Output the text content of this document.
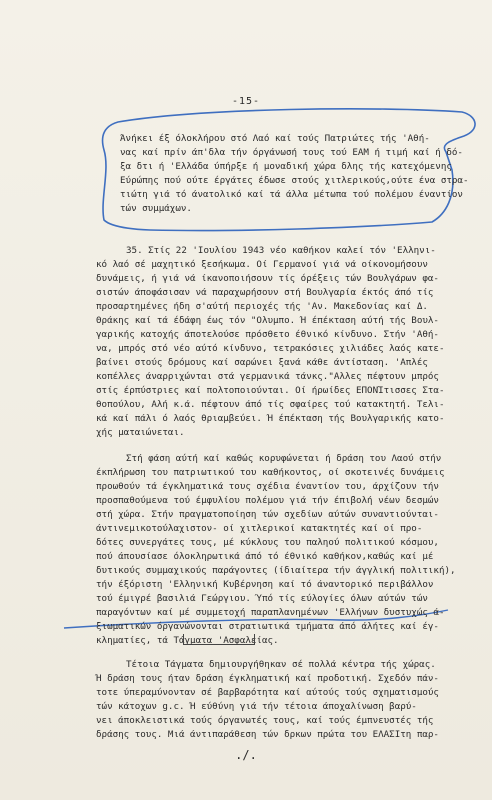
-15-
Άνήκει έξ όλοκλήρου στό Λαό καί τούς Πατριώτες τής 'Αθή-
νας καί πρίν άπ'δλα τήν όργάνωσή τους τού ΕΑΜ ή τιμή καί ή δό-
ξα δτι ή 'Ελλάδα ύπήρξε ή μοναδική χώρα δλης τής κατεχόμενης
Εύρώπης πού ούτε έργάτες έδωσε στούς χιτλερικούς,ούτε ένα στρα-
τιώτη γιά τό άνατολικό καί τά άλλα μέτωπα τού πολέμου έναντίον
τών συμμάχων.
35. Στίς 22 'Ιουλίου 1943 νέο καθήκον καλεί τόν 'Ελληνι-
κό λαό σέ μαχητικό ξεσήκωμα. Οί Γερμανοί γιά νά οίκονομήσουν
δυνάμεις, ή γιά νά ίκανοποιήσουν τίς όρέξεις τών Βουλγάρων φα-
σιστών άποφάσισαν νά παραχωρήσουν στή Βουλγαρία έκτός άπό τίς
προσαρτημένες ήδη σ'αύτή περιοχές τής 'Αν. Μακεδονίας καί Δ.
Θράκης καί τά έδάφη έως τόν "Ολυμπο. Ή έπέκταση αύτή τής Βουλ-
γαρικής κατοχής άποτελούσε πρόσθετο έθνικό κίνδυνο. Στήν 'Αθή-
να, μπρός στό νέο αύτό κίνδυνο, τετρακόσιες χιλιάδες λαός κατε-
βαίνει στούς δρόμους καί σαρώνει ξανά κάθε άντίσταση. 'Απλές
κοπέλλες άναρριχώνται στά γερμανικά τάνκς."Αλλες πέφτουν μπρός
στίς έρπύστριες καί πολτοποιούνται. Οί ήρωίδες ΕΠΟΝΊτισσες Στα-
θοπούλου, Αλή κ.ά. πέφτουν άπό τίς σφαίρες τού κατακτητή. Τελι-
κά καί πάλι ό λαός θριαμβεύει. Ή έπέκταση τής Βουλγαρικής κατο-
χής ματαιώνεται.
Στή φάση αύτή καί καθώς κορυφώνεται ή δράση του Λαού στήν
έκπλήρωση του πατριωτικού του καθήκοντος, οί σκοτεινές δυνάμεις
προωθούν τά έγκληματικά τους σχέδια έναντίον του, άρχίζουν τήν
προσπαθούμενα τού έμφυλίου πολέμου γιά τήν έπιβολή νέων δεσμών
στή χώρα. Στήν πραγματοποίηση τών σχεδίων αύτών συναντιούνται-
άντινεμικοτούλαχιστον- οί χιτλερικοί κατακτητές καί οί προ-
δότες συνεργάτες τους, μέ κύκλους του παληού πολιτικού κόσμου,
πού άπουσίασε όλοκληρωτικά άπό τό έθνικό καθήκον,καθώς καί μέ
δυτικούς συμμαχικούς παράγοντες (ίδιαίτερα τήν άγγλική πολιτική),
τήν έξόριστη 'Ελληνική Κυβέρνηση καί τό άναντορικό περιβάλλον
τού έμιγρέ βασιλιά Γεώργιου. Ύπό τίς εύλογίες όλων αύτών τών
παραγόντων καί μέ συμμετοχή παραπλανημένων 'Ελλήνων δυστυχώς ά-
ξιωματικών όργανώνονται στρατιωτικά τμήματα άπό άλήτες καί έγ-
κληματίες, τά Τάγματα 'Ασφαλείας.
Τέτοια Τάγματα δημιουργήθηκαν σέ πολλά κέντρα τής χώρας.
Ή δράση τους ήταν δράση έγκληματική καί προδοτική. Σχεδόν πάν-
τοτε ύπεραμύνονταν σέ βαρβαρότητα καί αύτούς τούς σχηματισμούς
τών κάτοχων g.c. Ή εύθύνη γιά τήν τέτοια άποχαλίνωση βαρύ-
νει άποκλειστικά τούς όργανωτές τους, καί τούς έμπνευστές τής
δράσης τους. Μιά άντιπαράθεση τών δρκων πρώτα του ΕΛΑΣΙτη παρ-
./.
